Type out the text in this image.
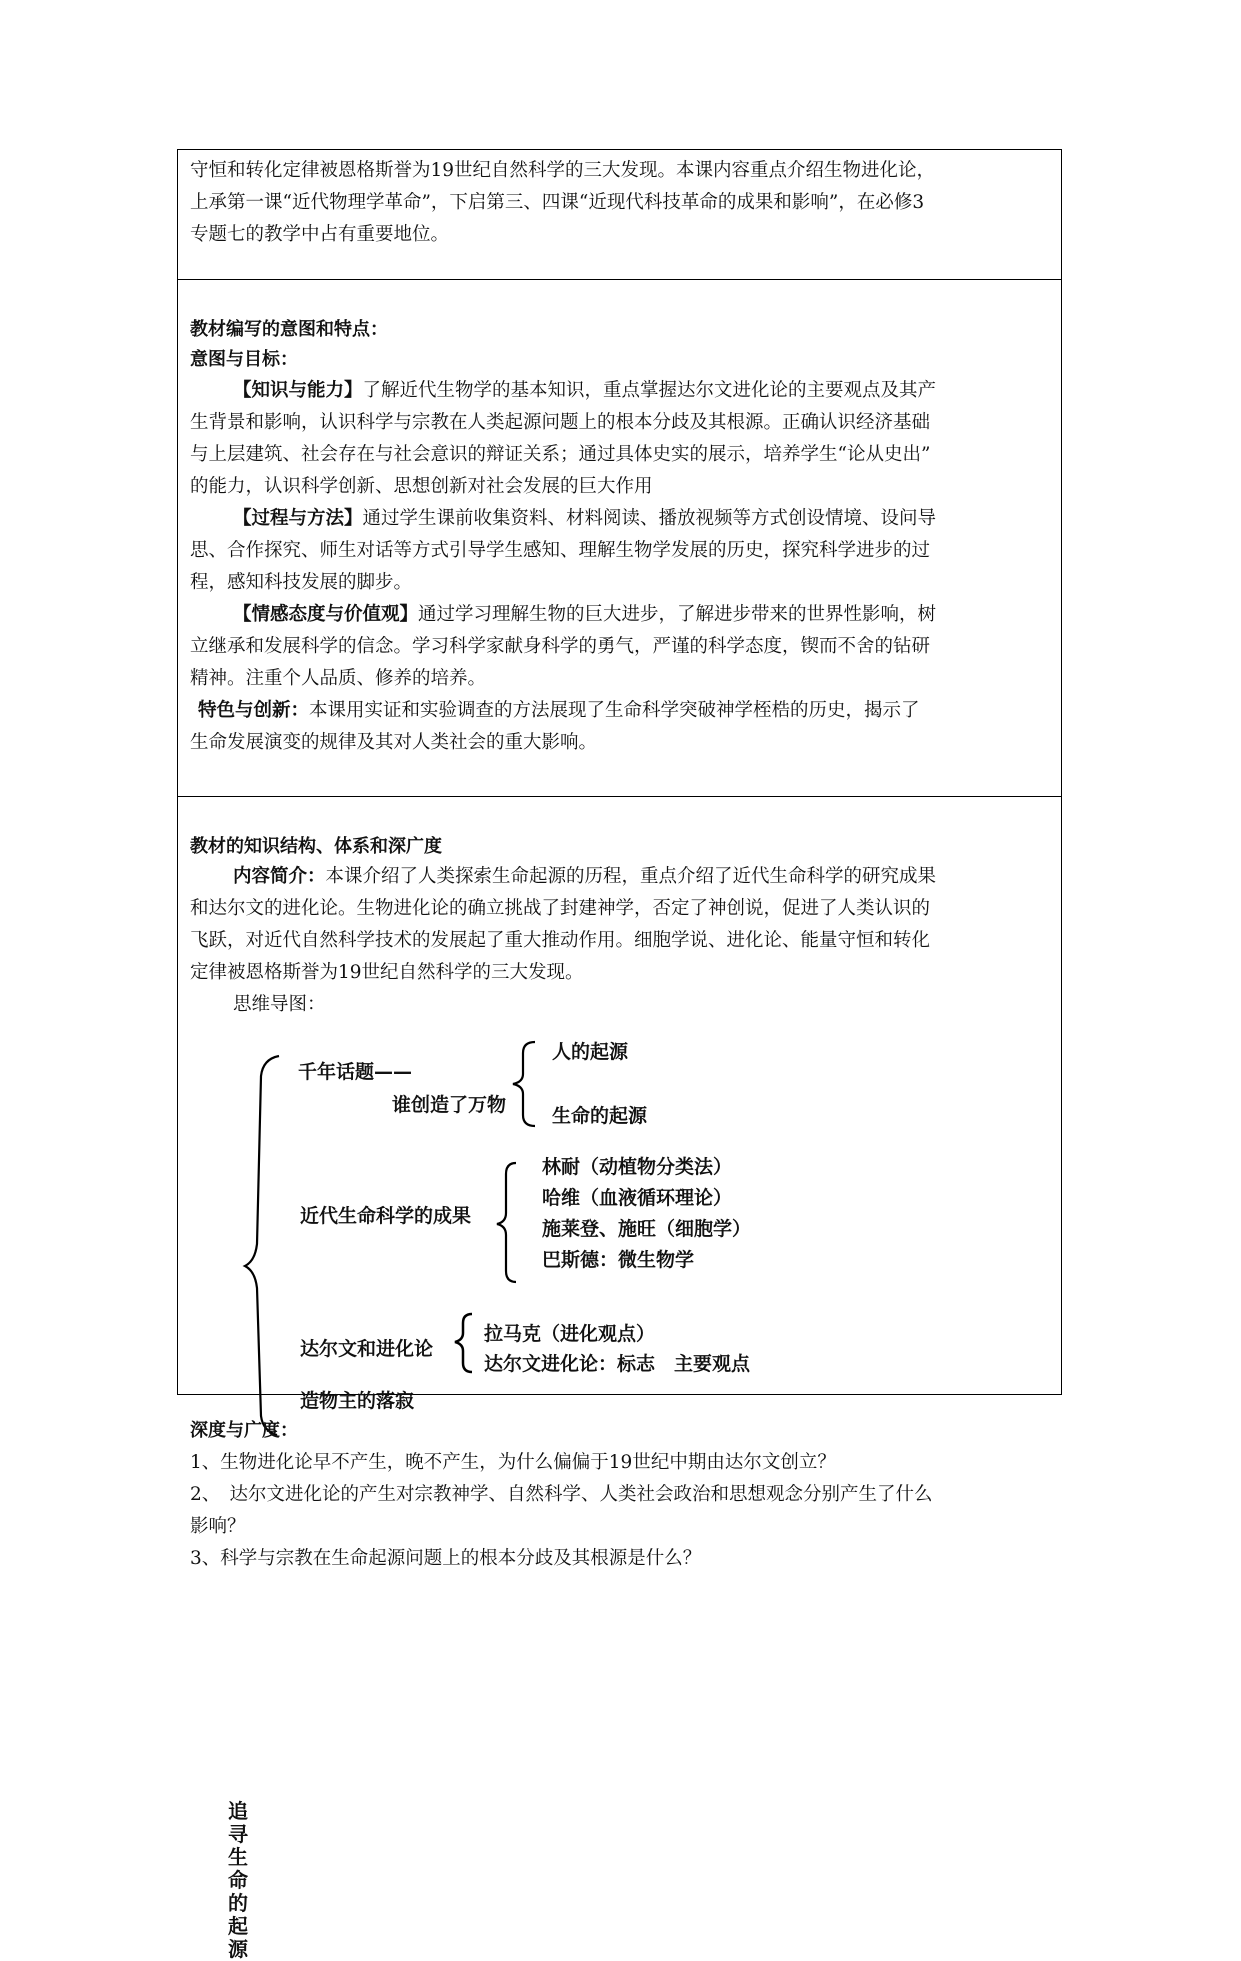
守恒和转化定律被恩格斯誉为19世纪自然科学的三大发现。本课内容重点介绍生物进化论，
上承第一课“近代物理学革命”，下启第三、四课“近现代科技革命的成果和影响”，在必修3
专题七的教学中占有重要地位。
教材编写的意图和特点：
意图与目标：
【知识与能力】了解近代生物学的基本知识，重点掌握达尔文进化论的主要观点及其产
生背景和影响，认识科学与宗教在人类起源问题上的根本分歧及其根源。正确认识经济基础
与上层建筑、社会存在与社会意识的辩证关系；通过具体史实的展示，培养学生“论从史出”
的能力，认识科学创新、思想创新对社会发展的巨大作用
【过程与方法】通过学生课前收集资料、材料阅读、播放视频等方式创设情境、设问导
思、合作探究、师生对话等方式引导学生感知、理解生物学发展的历史，探究科学进步的过
程，感知科技发展的脚步。
【情感态度与价值观】通过学习理解生物的巨大进步，了解进步带来的世界性影响，树
立继承和发展科学的信念。学习科学家献身科学的勇气，严谨的科学态度，锲而不舍的钻研
精神。注重个人品质、修养的培养。
特色与创新：本课用实证和实验调查的方法展现了生命科学突破神学桎梏的历史，揭示了
生命发展演变的规律及其对人类社会的重大影响。
教材的知识结构、体系和深广度
内容简介：本课介绍了人类探索生命起源的历程，重点介绍了近代生命科学的研究成果
和达尔文的进化论。生物进化论的确立挑战了封建神学，否定了神创说，促进了人类认识的
飞跃，对近代自然科学技术的发展起了重大推动作用。细胞学说、进化论、能量守恒和转化
定律被恩格斯誉为19世纪自然科学的三大发现。
思维导图：
追
寻
生
命
的
起
源
千年话题——
谁创造了万物
人的起源
生命的起源
近代生命科学的成果
林耐（动植物分类法）
哈维（血液循环理论）
施莱登、施旺（细胞学）
巴斯德：微生物学
达尔文和进化论
拉马克（进化观点）
达尔文进化论：标志　主要观点
造物主的落寂
深度与广度：
1、生物进化论早不产生，晚不产生，为什么偏偏于19世纪中期由达尔文创立？
2、　达尔文进化论的产生对宗教神学、自然科学、人类社会政治和思想观念分别产生了什么
影响？
3、科学与宗教在生命起源问题上的根本分歧及其根源是什么？
